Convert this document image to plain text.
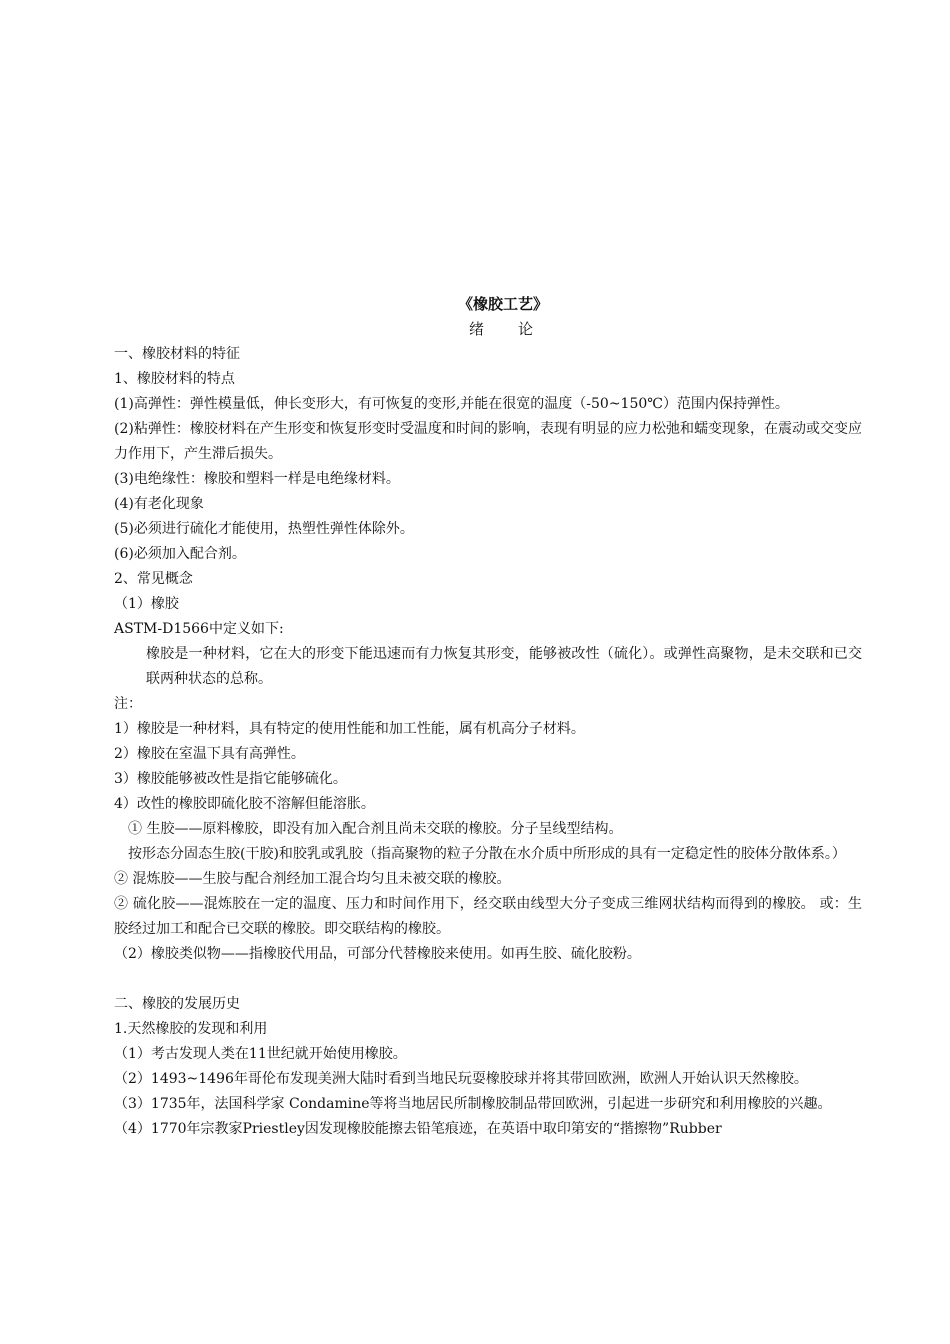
《橡胶工艺》
绪论
一、橡胶材料的特征
1、橡胶材料的特点
(1)高弹性：弹性模量低，伸长变形大，有可恢复的变形,并能在很宽的温度（-50~150℃）范围内保持弹性。
(2)粘弹性：橡胶材料在产生形变和恢复形变时受温度和时间的影响，表现有明显的应力松弛和蠕变现象，在震动或交变应力作用下，产生滞后损失。
(3)电绝缘性：橡胶和塑料一样是电绝缘材料。
(4)有老化现象
(5)必须进行硫化才能使用，热塑性弹性体除外。
(6)必须加入配合剂。
2、常见概念
（1）橡胶
ASTM-D1566中定义如下:
橡胶是一种材料，它在大的形变下能迅速而有力恢复其形变，能够被改性（硫化）。或弹性高聚物，是未交联和已交联两种状态的总称。
注：
1）橡胶是一种材料，具有特定的使用性能和加工性能，属有机高分子材料。
2）橡胶在室温下具有高弹性。
3）橡胶能够被改性是指它能够硫化。
4）改性的橡胶即硫化胶不溶解但能溶胀。
① 生胶——原料橡胶，即没有加入配合剂且尚未交联的橡胶。分子呈线型结构。
按形态分固态生胶(干胶)和胶乳或乳胶（指高聚物的粒子分散在水介质中所形成的具有一定稳定性的胶体分散体系。）
② 混炼胶——生胶与配合剂经加工混合均匀且未被交联的橡胶。
② 硫化胶——混炼胶在一定的温度、压力和时间作用下，经交联由线型大分子变成三维网状结构而得到的橡胶。 或：生胶经过加工和配合已交联的橡胶。即交联结构的橡胶。
（2）橡胶类似物——指橡胶代用品，可部分代替橡胶来使用。如再生胶、硫化胶粉。
二、橡胶的发展历史
1.天然橡胶的发现和利用
（1）考古发现人类在11世纪就开始使用橡胶。
（2）1493~1496年哥伦布发现美洲大陆时看到当地民玩耍橡胶球并将其带回欧洲，欧洲人开始认识天然橡胶。
（3）1735年，法国科学家 Condamine等将当地居民所制橡胶制品带回欧洲，引起进一步研究和利用橡胶的兴趣。
（4）1770年宗教家Priestley因发现橡胶能擦去铅笔痕迹，在英语中取印第安的“揩擦物”Rubber
